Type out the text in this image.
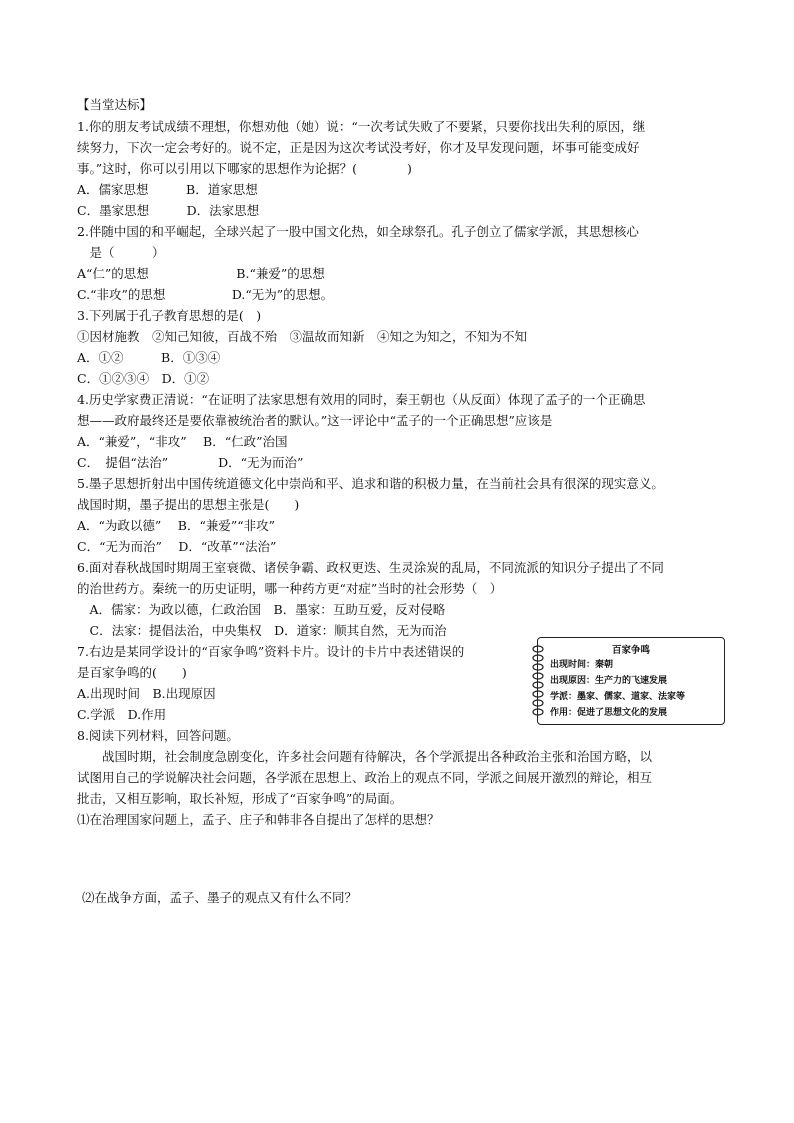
【当堂达标】
1.你的朋友考试成绩不理想，你想劝他（她）说：“一次考试失败了不要紧，只要你找出失利的原因，继
续努力，下次一定会考好的。说不定，正是因为这次考试没考好，你才及早发现问题，坏事可能变成好
事。”这时，你可以引用以下哪家的思想作为论据？(　　　　)
A．儒家思想　　　B．道家思想
C．墨家思想　　　D．法家思想
2.伴随中国的和平崛起，全球兴起了一股中国文化热，如全球祭孔。孔子创立了儒家学派，其思想核心
　是（　　　）
A“仁”的思想　　　　　　　B.“兼爱”的思想
C.“非攻”的思想　　　　　 D.“无为”的思想。
3.下列属于孔子教育思想的是(　)
①因材施教　②知己知彼，百战不殆　③温故而知新　④知之为知之，不知为不知
A．①②　　　B．①③④
C．①②③④　D．①②
4.历史学家费正清说：“在证明了法家思想有效用的同时，秦王朝也（从反面）体现了孟子的一个正确思
想——政府最终还是要依靠被统治者的默认。”这一评论中“孟子的一个正确思想”应该是
A．“兼爱”，“非攻”　 B．“仁政”治国
C．　提倡“法治”　　　　D．“无为而治”
5.墨子思想折射出中国传统道德文化中崇尚和平、追求和谐的积极力量，在当前社会具有很深的现实意义。
战国时期，墨子提出的思想主张是(　　)
A．“为政以德”　 B．“兼爱”“非攻”
C．“无为而治”　 D．“改革”“法治”
6.面对春秋战国时期周王室衰微、诸侯争霸、政权更迭、生灵涂炭的乱局，不同流派的知识分子提出了不同
的治世药方。秦统一的历史证明，哪一种药方更“对症”当时的社会形势（　）
　A．儒家：为政以德，仁政治国　B．墨家：互助互爱，反对侵略
　C．法家：提倡法治，中央集权　D．道家：顺其自然，无为而治
7.右边是某同学设计的“百家争鸣”资料卡片。设计的卡片中表述错误的
是百家争鸣的(　　)
A.出现时间　B.出现原因
C.学派　D.作用
8.阅读下列材料，回答问题。
　　战国时期，社会制度急剧变化，许多社会问题有待解决，各个学派提出各种政治主张和治国方略，以
试图用自己的学说解决社会问题，各学派在思想上、政治上的观点不同，学派之间展开激烈的辩论，相互
批击，又相互影响，取长补短，形成了“百家争鸣”的局面。
⑴在治理国家问题上，孟子、庄子和韩非各自提出了怎样的思想？
⑵在战争方面，孟子、墨子的观点又有什么不同？
百家争鸣
出现时间：秦朝
出现原因：生产力的飞速发展
学派：墨家、儒家、道家、法家等
作用：促进了思想文化的发展
